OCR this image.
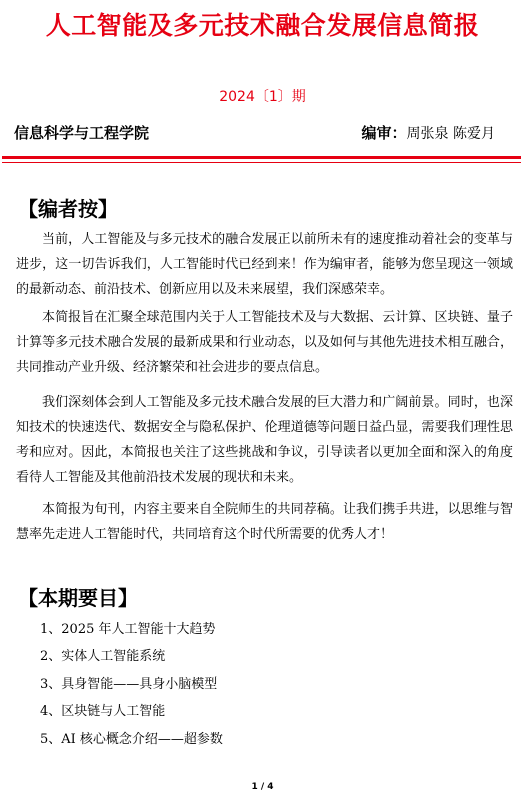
人工智能及多元技术融合发展信息简报
2024〔1〕期
信息科学与工程学院	编审：周张泉 陈爱月
【编者按】

当前，人工智能及与多元技术的融合发展正以前所未有的速度推动着社会的变革与进步，这一切告诉我们，人工智能时代已经到来！作为编审者，能够为您呈现这一领域的最新动态、前沿技术、创新应用以及未来展望，我们深感荣幸。

本简报旨在汇聚全球范围内关于人工智能技术及与大数据、云计算、区块链、量子计算等多元技术融合发展的最新成果和行业动态，以及如何与其他先进技术相互融合，共同推动产业升级、经济繁荣和社会进步的要点信息。

我们深刻体会到人工智能及多元技术融合发展的巨大潜力和广阔前景。同时，也深知技术的快速迭代、数据安全与隐私保护、伦理道德等问题日益凸显，需要我们理性思考和应对。因此，本简报也关注了这些挑战和争议，引导读者以更加全面和深入的角度看待人工智能及其他前沿技术发展的现状和未来。

本简报为旬刊，内容主要来自全院师生的共同荐稿。让我们携手共进，以思维与智慧率先走进人工智能时代，共同培育这个时代所需要的优秀人才！

【本期要目】
1、2025 年人工智能十大趋势
2、实体人工智能系统
3、具身智能——具身小脑模型
4、区块链与人工智能
5、AI 核心概念介绍——超参数
1 / 4
